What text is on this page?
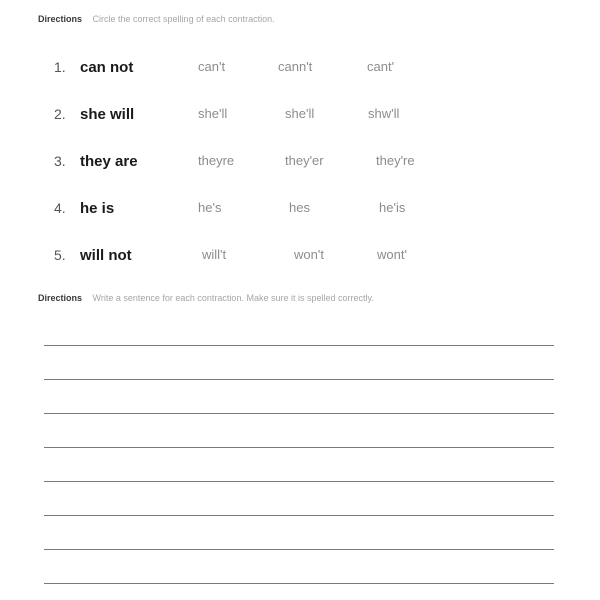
Directions Circle the correct spelling of each contraction.
1. can not	can't	cann't	cant'
2. she will	she'll	she'll	shw'll
3. they are	theyre	they'er	they're
4. he is	he's	hes	he'is
5. will not	will't	won't	wont'
Directions Write a sentence for each contraction. Make sure it is spelled correctly.
